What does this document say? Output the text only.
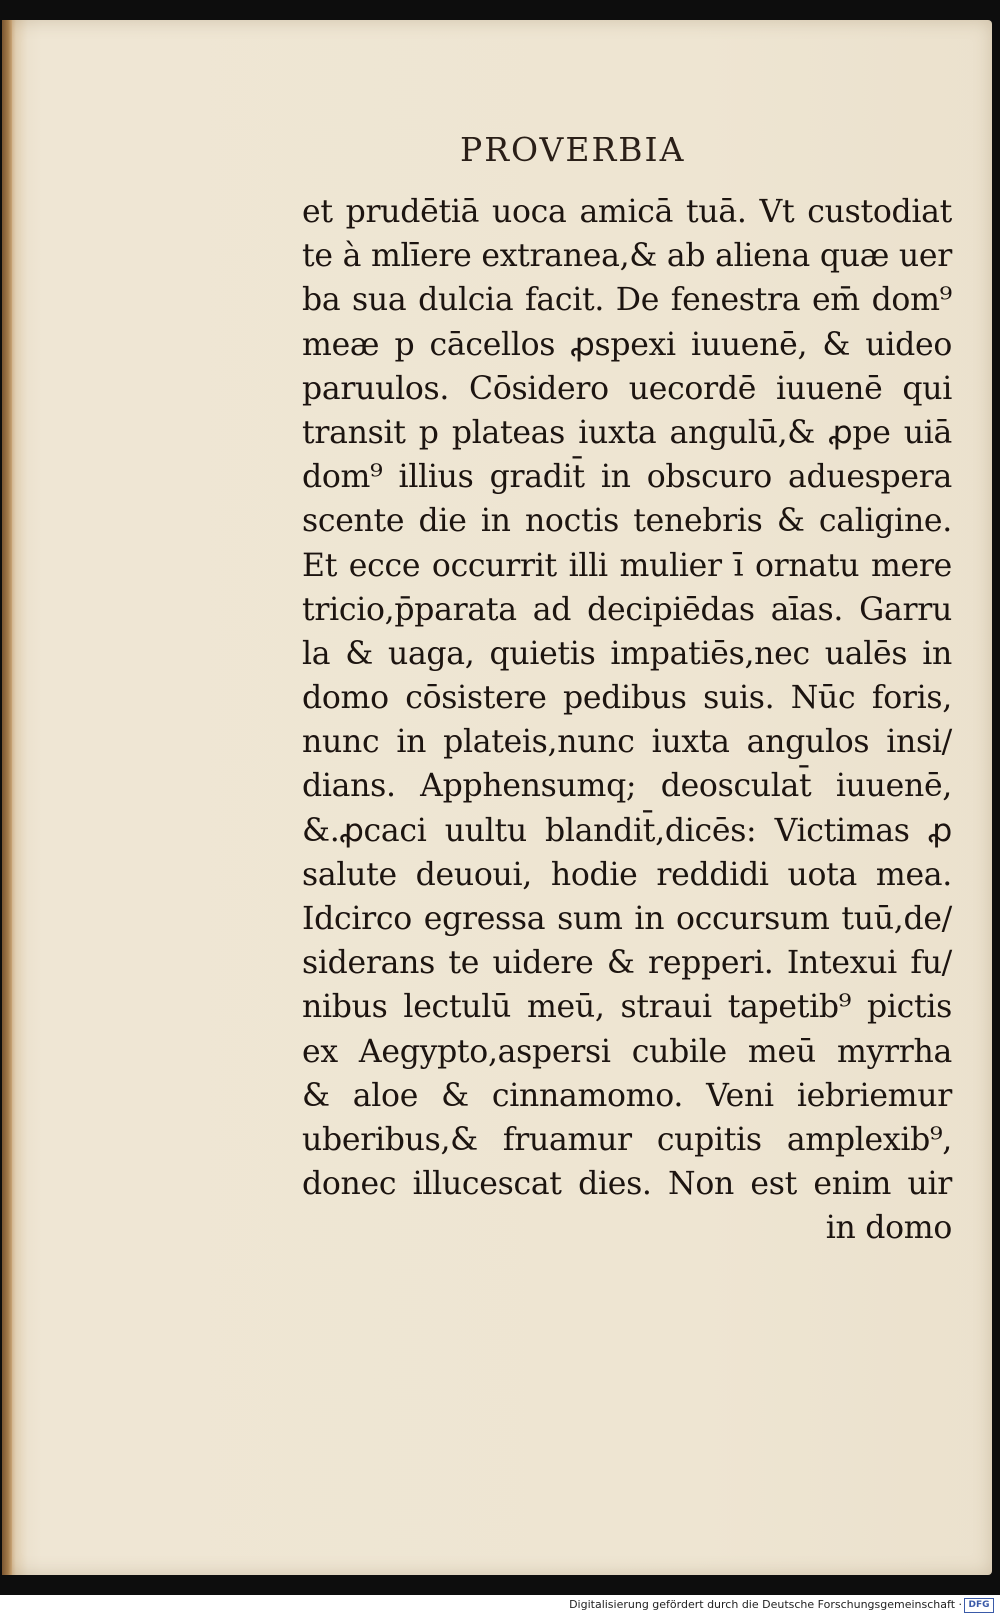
PROVERBIA
et prudētiā uoca amicā tuā. Vt custodiat
te à mlīere extranea,& ab aliena quæ uer
ba sua dulcia facit. De fenestra em̄ dom⁹
meæ p cācellos ꝓspexi iuuenē, & uideo
paruulos. Cōsidero uecordē iuuenē qui
transit p plateas iuxta angulū,& ꝓpe uiā
dom⁹ illius gradit̄ in obscuro aduespera
scente die in noctis tenebris & caligine.
Et ecce occurrit illi mulier ī ornatu mere
tricio,p̄parata ad decipiēdas aīas. Garru
la & uaga, quietis impatiēs,nec ualēs in
domo cōsistere pedibus suis. Nūc foris,
nunc in plateis,nunc iuxta angulos insi/
dians. Apphensumq; deosculat̄ iuuenē,
&.ꝓcaci uultu blandit̄,dicēs: Victimas ꝓ
salute deuoui, hodie reddidi uota mea.
Idcirco egressa sum in occursum tuū,de/
siderans te uidere & repperi. Intexui fu/
nibus lectulū meū, straui tapetib⁹ pictis
ex Aegypto,aspersi cubile meū myrrha
& aloe & cinnamomo. Veni iebriemur
uberibus,& fruamur cupitis amplexib⁹,
donec illucescat dies. Non est enim uir
in domo
Digitalisierung gefördert durch die Deutsche Forschungsgemeinschaft · DFG
